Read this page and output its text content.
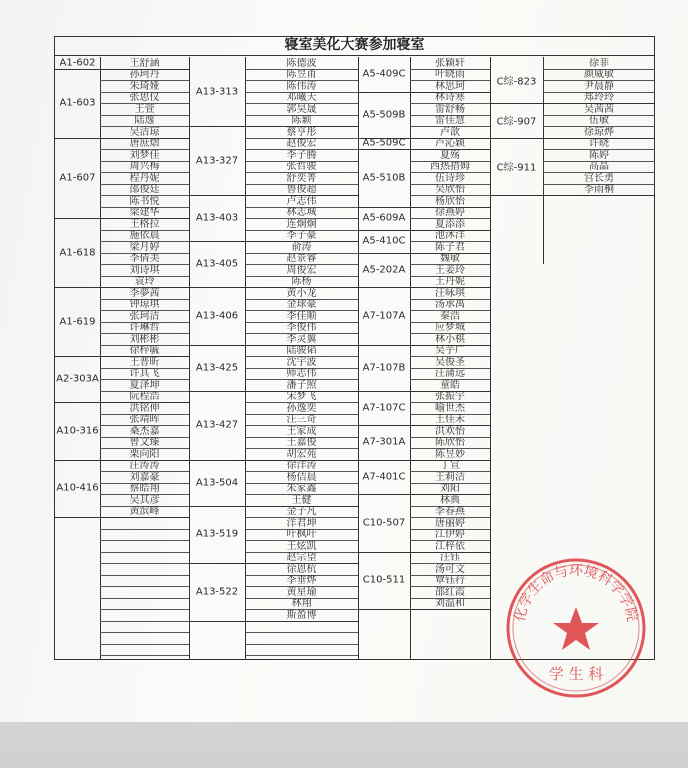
寝室美化大赛参加寝室
王舒涵
A1-602
孙珂丹
朱琦娅
张思仪
王萱
陆逸
吴洁琼
A1-603
唐庶熠
刘梦佳
周兴梅
程丹妮
邵俊廷
陈书悦
梁建华
A1-607
王格拉
施依晨
梁月婷
李倩美
刘诗琪
袁玲
A1-618
李夢茜
钟琼琪
张珂洁
许琳哲
刘彬彬
徐梓毓
A1-619
王普昕
许其飞
夏泽坤
阮程浩
A2-303A
洪铭伸
张靖晖
桑杰嘉
曾文臻
栗向阳
A10-316
汪涛涛
刘嘉豪
蔡皓翔
吴其彦
黄滨峰
A10-416
陈德波
陈昱甬
陈伟涛
邓曦天
郭昊晟
陈颖
A13-313
蔡亨彤
赵俊宏
李子腾
张哲骏
舒奕菁
鲁俊超
A13-327
卢志伟
林志城
连炯炯
李子豪
A13-403
俞涛
赵景睿
周俊宏
陈杨
A13-405
黄小龙
金球豪
李佳顺
李俊伟
李灵翼
A13-406
陆骏韬
沈宇波
师志伟
潘子照
A13-425
宋梦飞
孙逸奕
汪三奇
王家成
王嘉俊
胡宏苑
A13-427
徐洋涛
杨佶晨
朱家鑫
王健
A13-504
金子凡
洋君坤
叶枫叶
王炫凯
赵宗望
A13-519
徐恩杭
李垂烨
黄星瑜
林翔
斯盈博
A13-522
张颖轩
叶晓雨
林思珂
A5-409C
林诗寒
雷舒畅
雷佳慧
卢歆
A5-509B
卢沁颖
A5-509C
夏殇
西热措姆
伍诗珍
吴欣怡
杨欣怡
A5-510B
徐燕婷
夏添添
A5-609A
池沐洋
陈子君
A5-410C
魏敏
王姜玲
王丹妮
A5-202A
汪咏琪
汤承禹
秦浩
应梦城
林小棋
A7-107A
吴芋广
吴俊圣
汪蒲远
童皓
A7-107B
张振宇
喻世杰
王佳禾
A7-107C
洪欢怡
陈欣怡
陈昱妙
A7-301A
丁宣
王莉洁
刘阳
A7-401C
林典
李春燕
唐丽婷
江伊婷
江梓依
C10-507
汪钰
汤可文
覃钰荇
邵红霞
刘温和
C10-511
徐菲
颜威敏
尹晨静
郑玲玲
C综-823
吴茜茜
伍敏
徐琼烨
C综-907
许晓
陈婷
高晶
宫长勇
李雨桐
C综-911
化学生命与环境科学学院
学 生 科
